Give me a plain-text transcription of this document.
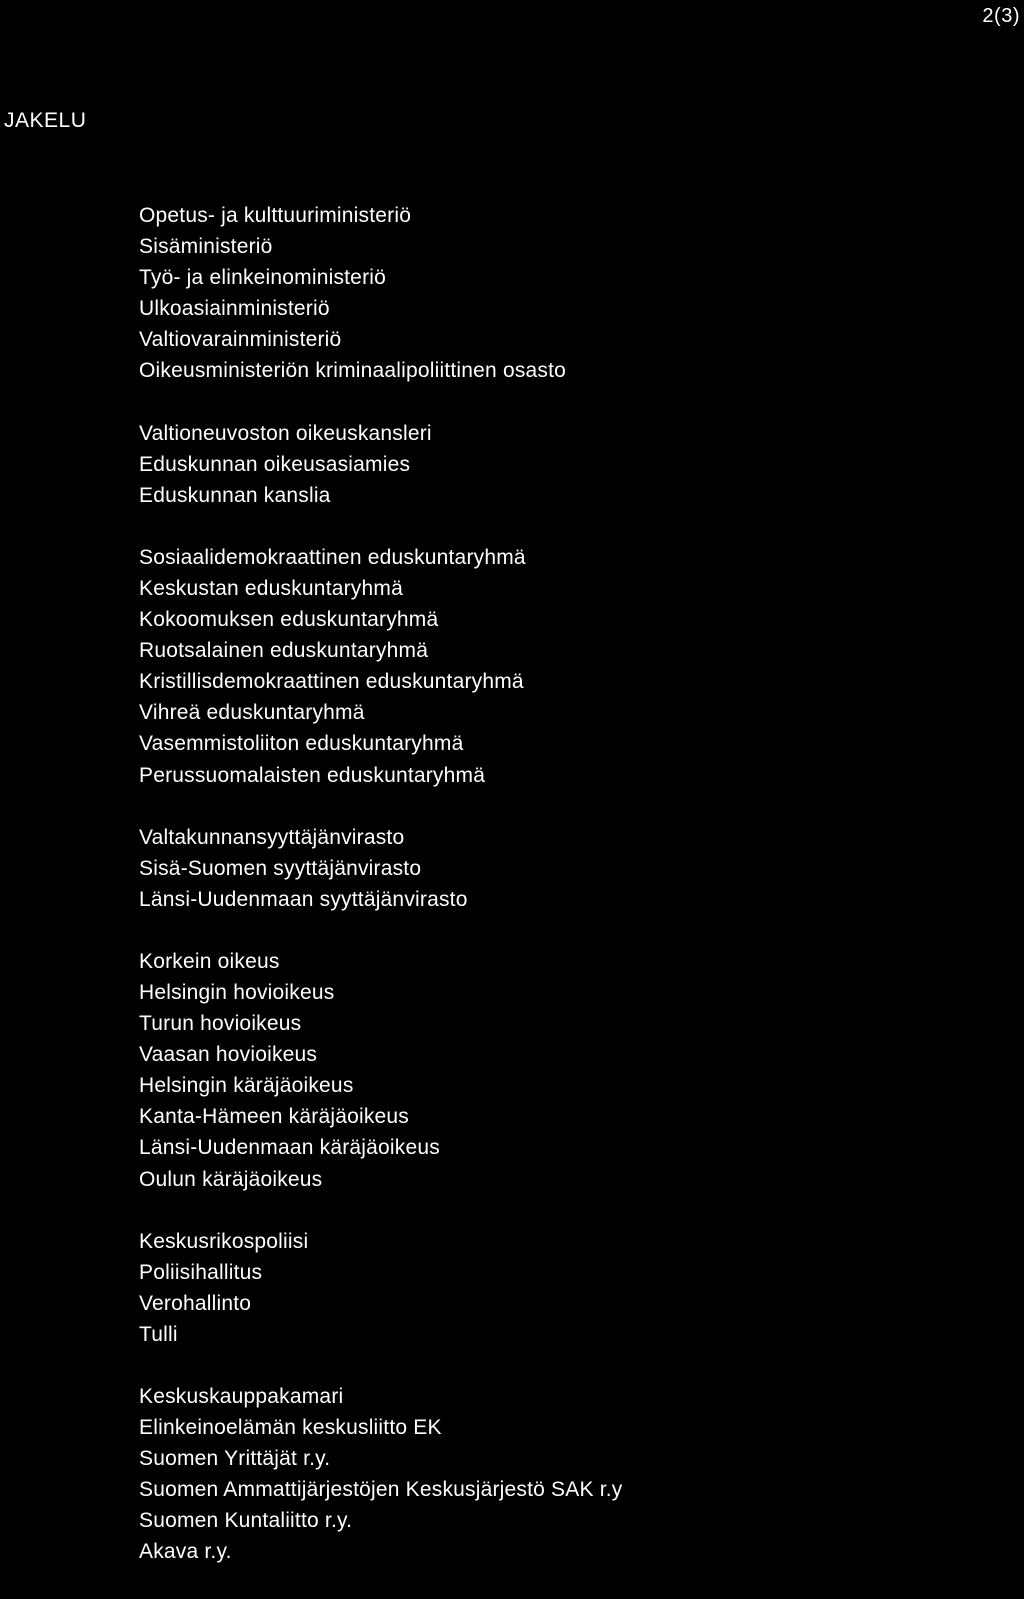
2(3)
JAKELU
Opetus- ja kulttuuriministeriö
Sisäministeriö
Työ- ja elinkeinoministeriö
Ulkoasiainministeriö
Valtiovarainministeriö
Oikeusministeriön kriminaalipoliittinen osasto
Valtioneuvoston oikeuskansleri
Eduskunnan oikeusasiamies
Eduskunnan kanslia
Sosiaalidemokraattinen eduskuntaryhmä
Keskustan eduskuntaryhmä
Kokoomuksen eduskuntaryhmä
Ruotsalainen eduskuntaryhmä
Kristillisdemokraattinen eduskuntaryhmä
Vihreä eduskuntaryhmä
Vasemmistoliiton eduskuntaryhmä
Perussuomalaisten eduskuntaryhmä
Valtakunnansyyttäjänvirasto
Sisä-Suomen syyttäjänvirasto
Länsi-Uudenmaan syyttäjänvirasto
Korkein oikeus
Helsingin hovioikeus
Turun hovioikeus
Vaasan hovioikeus
Helsingin käräjäoikeus
Kanta-Hämeen käräjäoikeus
Länsi-Uudenmaan käräjäoikeus
Oulun käräjäoikeus
Keskusrikospoliisi
Poliisihallitus
Verohallinto
Tulli
Keskuskauppakamari
Elinkeinoelämän keskusliitto EK
Suomen Yrittäjät r.y.
Suomen Ammattijärjestöjen Keskusjärjestö SAK r.y
Suomen Kuntaliitto r.y.
Akava r.y.
